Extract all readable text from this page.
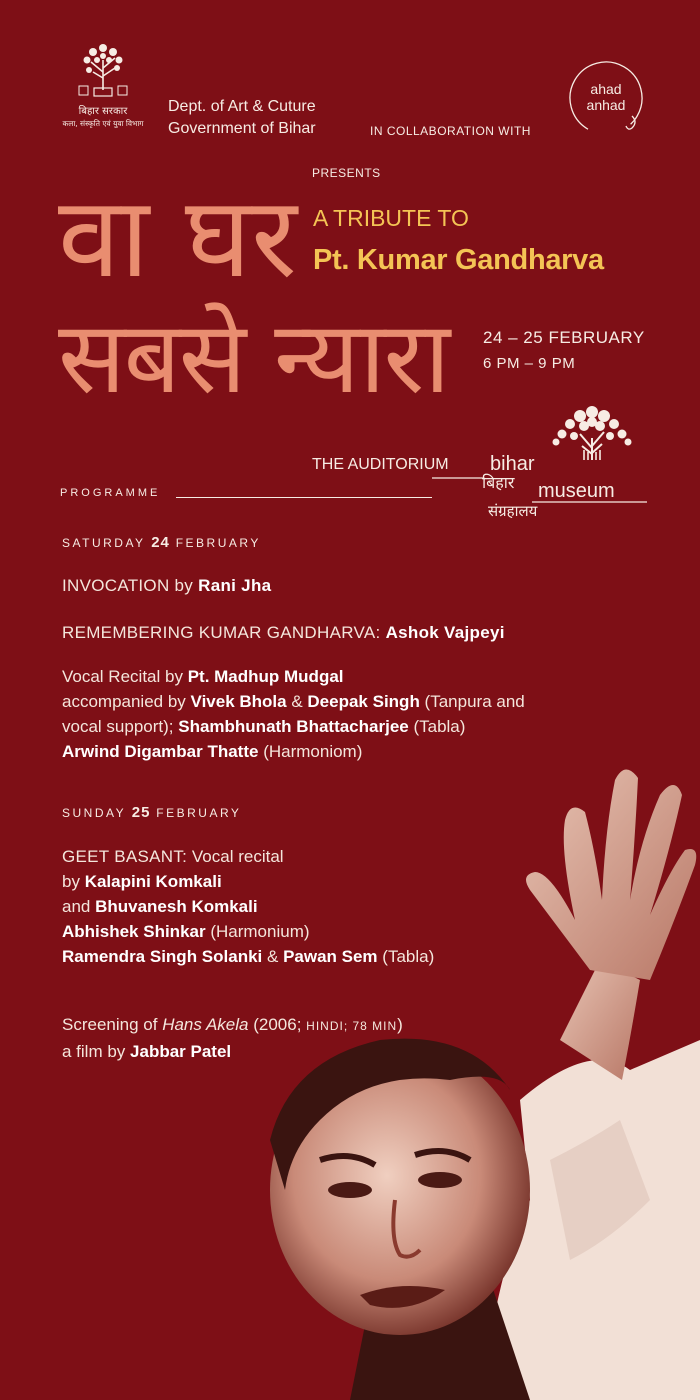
बिहार सरकार
कला, संस्कृति एवं युवा विभाग
Dept. of Art & Cuture
Government of Bihar	IN COLLABORATION WITH
ahad
anhad
PRESENTS
वा घर
सबसे न्यारा
A TRIBUTE TO
Pt. Kumar Gandharva
24 – 25 FEBRUARY
6 PM – 9 PM
THE AUDITORIUM bihar
बिहार museum
संग्रहालय
PROGRAMME
SATURDAY 24 FEBRUARY
INVOCATION by Rani Jha
REMEMBERING KUMAR GANDHARVA: Ashok Vajpeyi
Vocal Recital by Pt. Madhup Mudgal
accompanied by Vivek Bhola & Deepak Singh (Tanpura and
vocal support); Shambhunath Bhattacharjee (Tabla)
Arwind Digambar Thatte (Harmoniom)
SUNDAY 25 FEBRUARY
GEET BASANT: Vocal recital
by Kalapini Komkali
and Bhuvanesh Komkali
Abhishek Shinkar (Harmonium)
Ramendra Singh Solanki & Pawan Sem (Tabla)
Screening of Hans Akela (2006; HINDI; 78 MIN)
a film by Jabbar Patel
